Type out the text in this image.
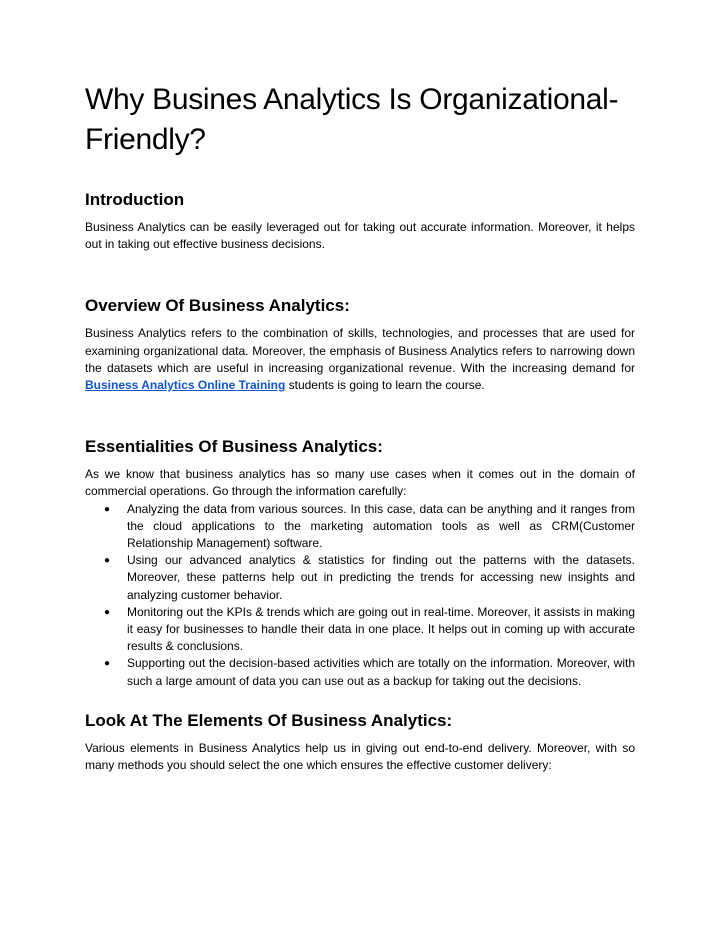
Why Busines Analytics Is Organizational-Friendly?
Introduction

Business Analytics can be easily leveraged out for taking out accurate information. Moreover, it helps out in taking out effective business decisions.

Overview Of Business Analytics:

Business Analytics refers to the combination of skills, technologies, and processes that are used for examining organizational data. Moreover, the emphasis of Business Analytics refers to narrowing down the datasets which are useful in increasing organizational revenue. With the increasing demand for Business Analytics Online Training students is going to learn the course.

Essentialities Of Business Analytics:

As we know that business analytics has so many use cases when it comes out in the domain of commercial operations. Go through the information carefully:

● Analyzing the data from various sources. In this case, data can be anything and it ranges from the cloud applications to the marketing automation tools as well as CRM(Customer Relationship Management) software.
● Using our advanced analytics & statistics for finding out the patterns with the datasets. Moreover, these patterns help out in predicting the trends for accessing new insights and analyzing customer behavior.
● Monitoring out the KPIs & trends which are going out in real-time. Moreover, it assists in making it easy for businesses to handle their data in one place. It helps out in coming up with accurate results & conclusions.
● Supporting out the decision-based activities which are totally on the information. Moreover, with such a large amount of data you can use out as a backup for taking out the decisions.
Look At The Elements Of Business Analytics:

Various elements in Business Analytics help us in giving out end-to-end delivery. Moreover, with so many methods you should select the one which ensures the effective customer delivery:
